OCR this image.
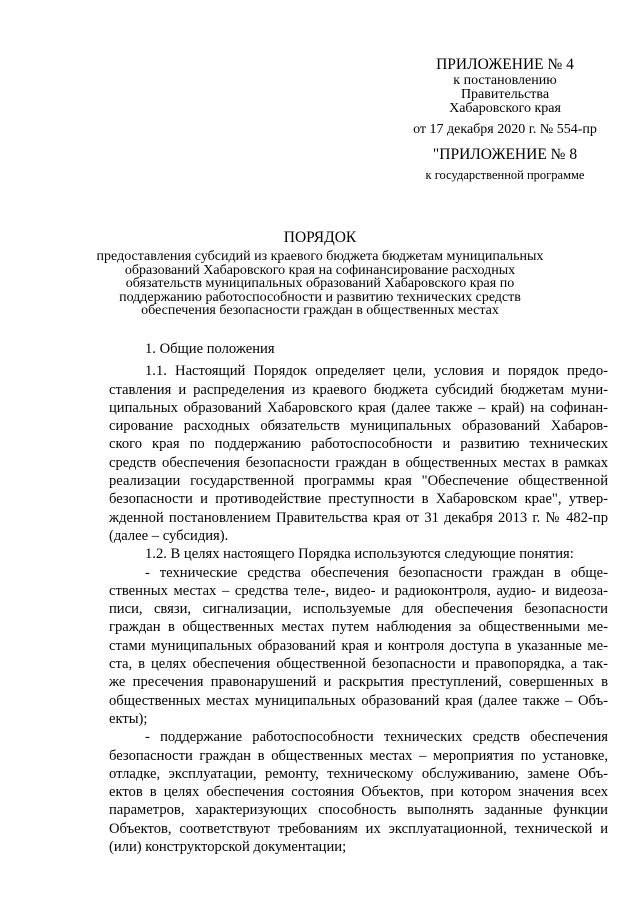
ПРИЛОЖЕНИЕ № 4
к постановлению
Правительства
Хабаровского края
от 17 декабря 2020 г. № 554-пр
"ПРИЛОЖЕНИЕ № 8
к государственной программе
ПОРЯДОК
предоставления субсидий из краевого бюджета бюджетам муниципальных
образований Хабаровского края на софинансирование расходных
обязательств муниципальных образований Хабаровского края по
поддержанию работоспособности и развитию технических средств
обеспечения безопасности граждан в общественных местах
1. Общие положения
1.1. Настоящий Порядок определяет цели, условия и порядок предо-
ставления и распределения из краевого бюджета субсидий бюджетам муни-
ципальных образований Хабаровского края (далее также – край) на софинан-
сирование расходных обязательств муниципальных образований Хабаров-
ского края по поддержанию работоспособности и развитию технических
средств обеспечения безопасности граждан в общественных местах в рамках
реализации государственной программы края "Обеспечение общественной
безопасности и противодействие преступности в Хабаровском крае", утвер-
жденной постановлением Правительства края от 31 декабря 2013 г. № 482-пр
(далее – субсидия).
1.2. В целях настоящего Порядка используются следующие понятия:
- технические средства обеспечения безопасности граждан в обще-
ственных местах – средства теле-, видео- и радиоконтроля, аудио- и видеоза-
писи, связи, сигнализации, используемые для обеспечения безопасности
граждан в общественных местах путем наблюдения за общественными ме-
стами муниципальных образований края и контроля доступа в указанные ме-
ста, в целях обеспечения общественной безопасности и правопорядка, а так-
же пресечения правонарушений и раскрытия преступлений, совершенных в
общественных местах муниципальных образований края (далее также – Объ-
екты);
- поддержание работоспособности технических средств обеспечения
безопасности граждан в общественных местах – мероприятия по установке,
отладке, эксплуатации, ремонту, техническому обслуживанию, замене Объ-
ектов в целях обеспечения состояния Объектов, при котором значения всех
параметров, характеризующих способность выполнять заданные функции
Объектов, соответствуют требованиям их эксплуатационной, технической и
(или) конструкторской документации;
